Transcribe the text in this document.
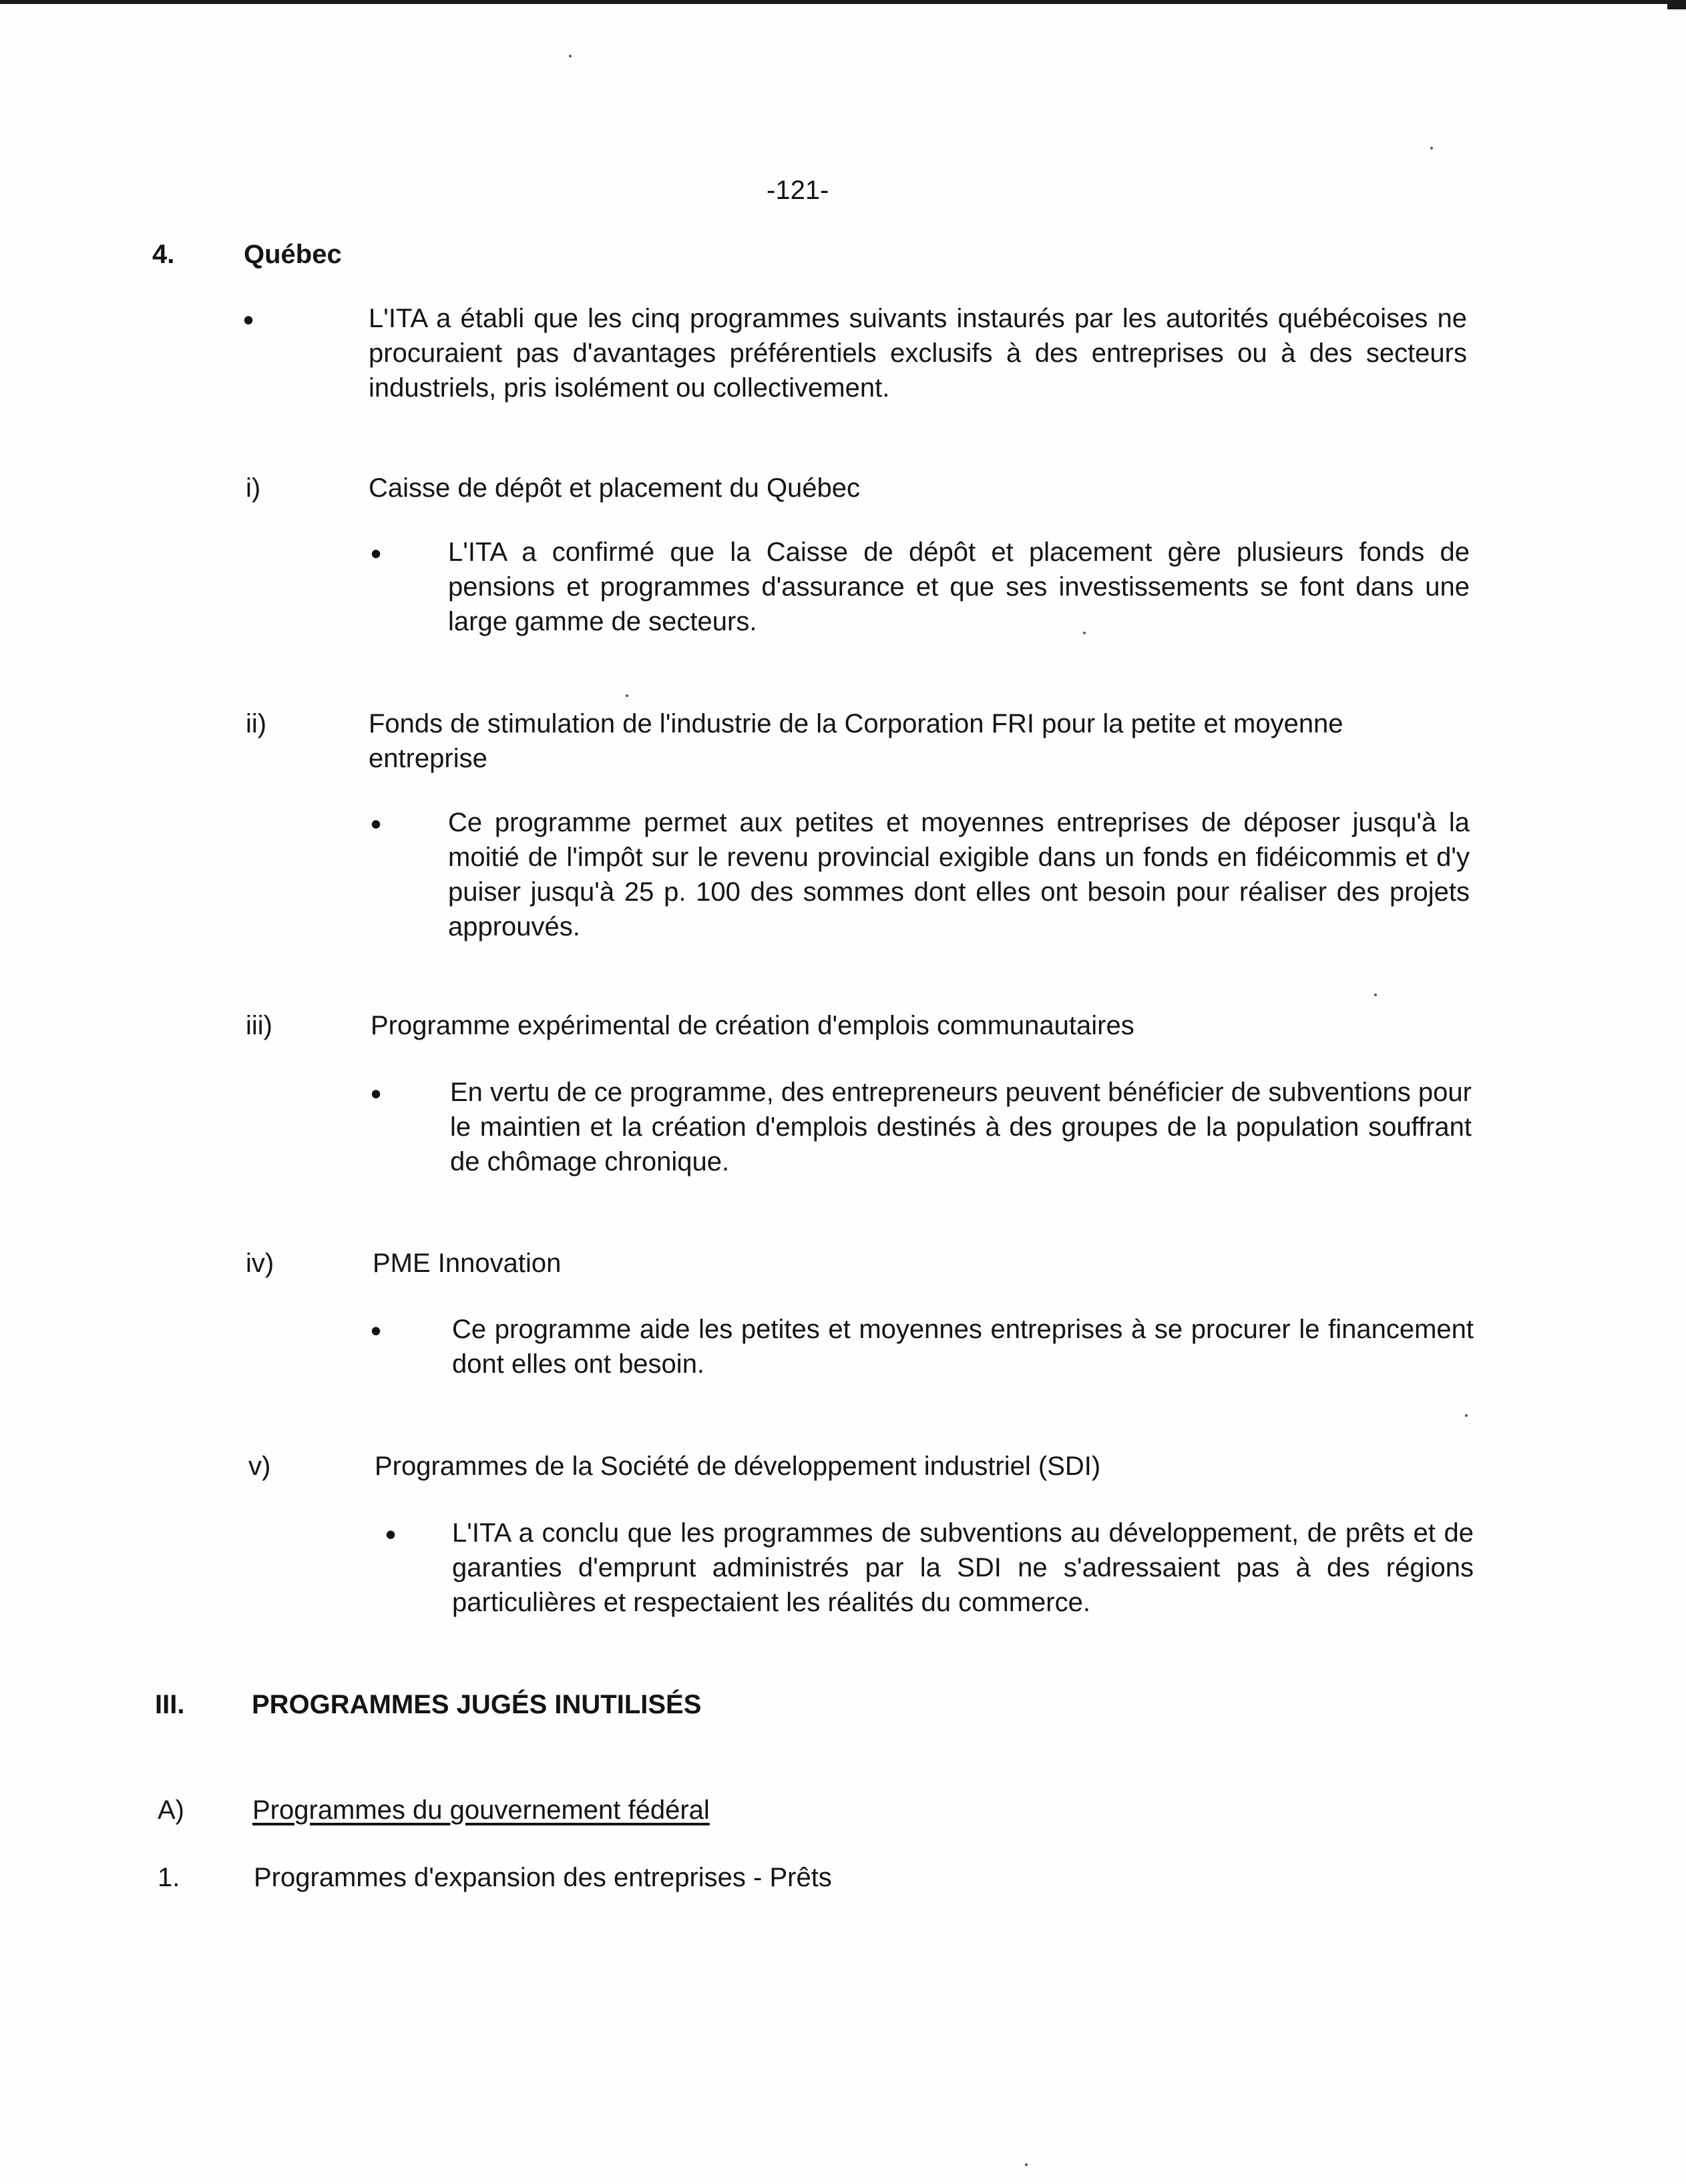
-121-
4.	Québec
•	L'ITA a établi que les cinq programmes suivants instaurés par les autorités québécoises ne procuraient pas d'avantages préférentiels exclusifs à des entreprises ou à des secteurs industriels, pris isolément ou collectivement.
i)	Caisse de dépôt et placement du Québec
• L'ITA a confirmé que la Caisse de dépôt et placement gère plusieurs fonds de pensions et programmes d'assurance et que ses investissements se font dans une large gamme de secteurs.
ii)	Fonds de stimulation de l'industrie de la Corporation FRI pour la petite et moyenne
entreprise
• Ce programme permet aux petites et moyennes entreprises de déposer jusqu'à la moitié de l'impôt sur le revenu provincial exigible dans un fonds en fidéicommis et d'y puiser jusqu'à 25 p. 100 des sommes dont elles ont besoin pour réaliser des projets approuvés.
iii)	Programme expérimental de création d'emplois communautaires
•	En vertu de ce programme, des entrepreneurs peuvent bénéficier de subventions pour le maintien et la création d'emplois destinés à des groupes de la population souffrant de chômage chronique.
iv)	PME Innovation
•	Ce programme aide les petites et moyennes entreprises à se procurer le financement dont elles ont besoin.
v)	Programmes de la Société de développement industriel (SDI)
• L'ITA a conclu que les programmes de subventions au développement, de prêts et de garanties d'emprunt administrés par la SDI ne s'adressaient pas à des régions particulières et respectaient les réalités du commerce.
III.	PROGRAMMES JUGÉS INUTILISÉS
A)	Programmes du gouvernement fédéral
1.	Programmes d'expansion des entreprises - Prêts
